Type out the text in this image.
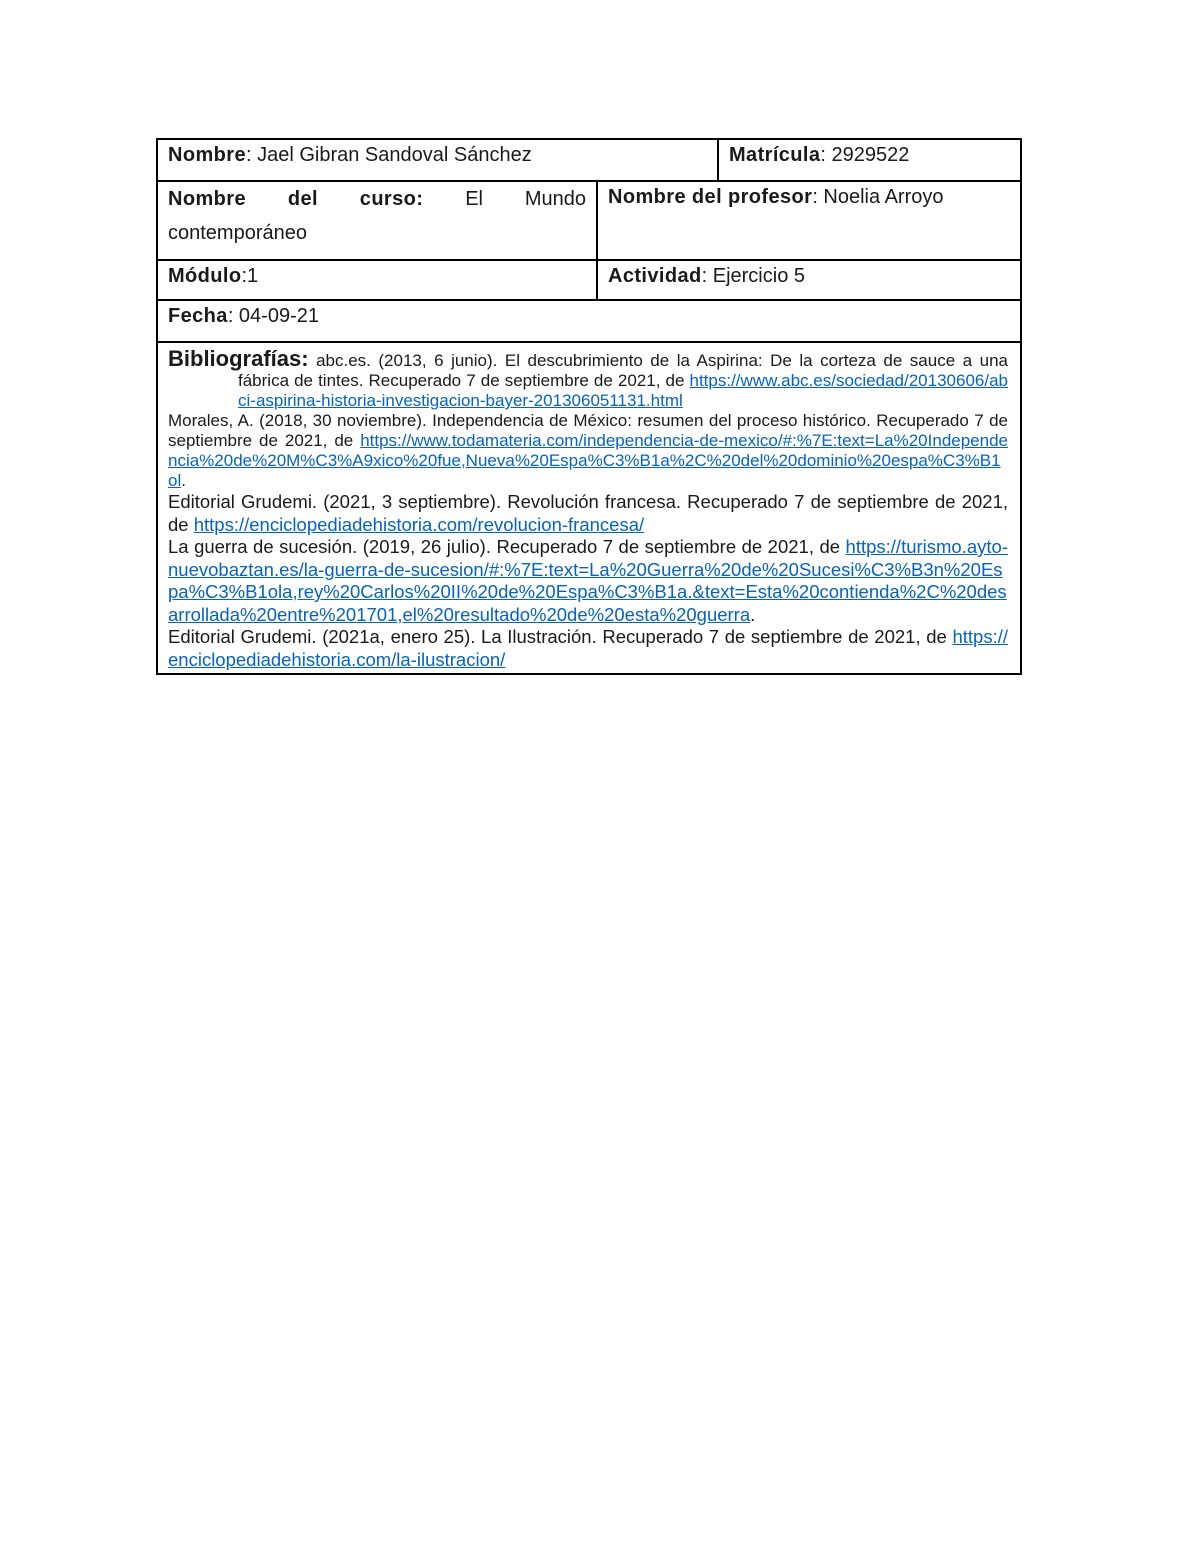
Nombre: Jael Gibran Sandoval Sánchez	Matrícula: 2929522
Nombre del curso: El Mundo
contemporáneo
Nombre del profesor: Noelia Arroyo
Módulo:1	Actividad: Ejercicio 5
Fecha: 04-09-21

Bibliografías: abc.es. (2013, 6 junio). El descubrimiento de la Aspirina: De la corteza de sauce a una fábrica de tintes. Recuperado 7 de septiembre de 2021, de https://www.abc.es/sociedad/20130606/abci-aspirina-historia-investigacion-bayer-201306051131.html

Morales, A. (2018, 30 noviembre). Independencia de México: resumen del proceso histórico. Recuperado 7 de septiembre de 2021, de https://www.todamateria.com/independencia-de-mexico/#:%7E:text=La%20Independencia%20de%20M%C3%A9xico%20fue,Nueva%20Espa%C3%B1a%2C%20del%20dominio%20espa%C3%B1ol.

Editorial Grudemi. (2021, 3 septiembre). Revolución francesa. Recuperado 7 de septiembre de 2021, de https://enciclopediadehistoria.com/revolucion-francesa/

La guerra de sucesión. (2019, 26 julio). Recuperado 7 de septiembre de 2021, de https://turismo.ayto-nuevobaztan.es/la-guerra-de-sucesion/#:%7E:text=La%20Guerra%20de%20Sucesi%C3%B3n%20Espa%C3%B1ola,rey%20Carlos%20II%20de%20Espa%C3%B1a.&text=Esta%20contienda%2C%20desarrollada%20entre%201701,el%20resultado%20de%20esta%20guerra.

Editorial Grudemi. (2021a, enero 25). La Ilustración. Recuperado 7 de septiembre de 2021, de https://enciclopediadehistoria.com/la-ilustracion/
